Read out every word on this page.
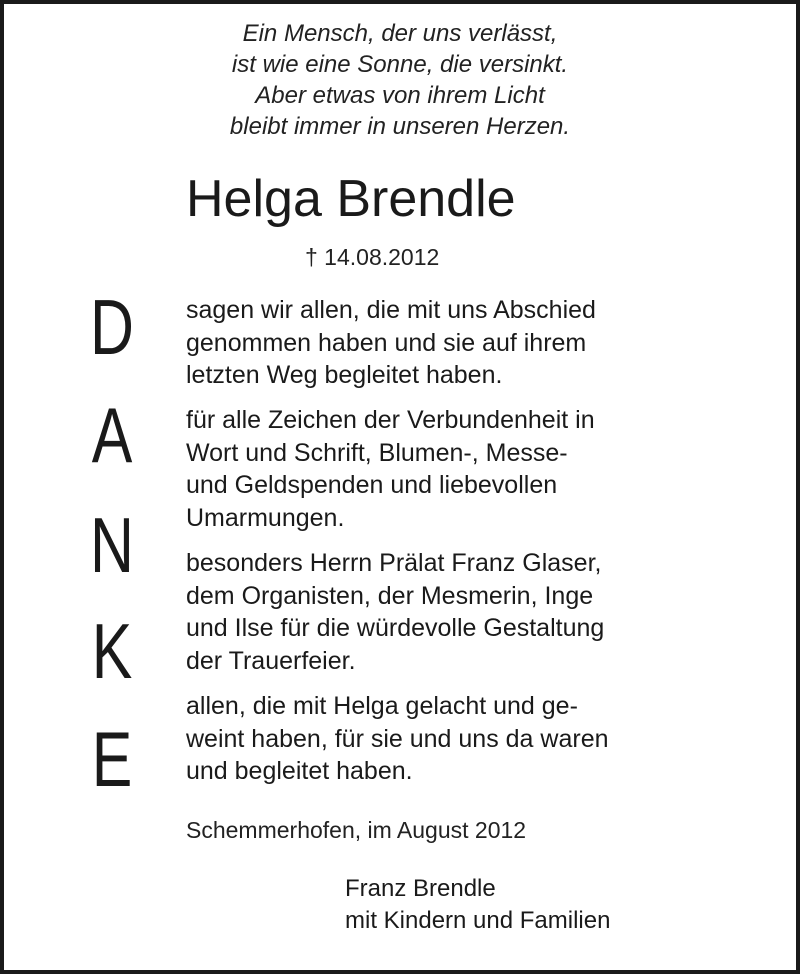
Ein Mensch, der uns verlässt,
ist wie eine Sonne, die versinkt.
Aber etwas von ihrem Licht
bleibt immer in unseren Herzen.
Helga Brendle
† 14.08.2012
D
A
N
K
E
sagen wir allen, die mit uns Abschied
genommen haben und sie auf ihrem
letzten Weg begleitet haben.
für alle Zeichen der Verbundenheit in
Wort und Schrift, Blumen-, Messe-
und Geldspenden und liebevollen
Umarmungen.
besonders Herrn Prälat Franz Glaser,
dem Organisten, der Mesmerin, Inge
und Ilse für die würdevolle Gestaltung
der Trauerfeier.
allen, die mit Helga gelacht und ge-
weint haben, für sie und uns da waren
und begleitet haben.
Schemmerhofen, im August 2012
Franz Brendle
mit Kindern und Familien
